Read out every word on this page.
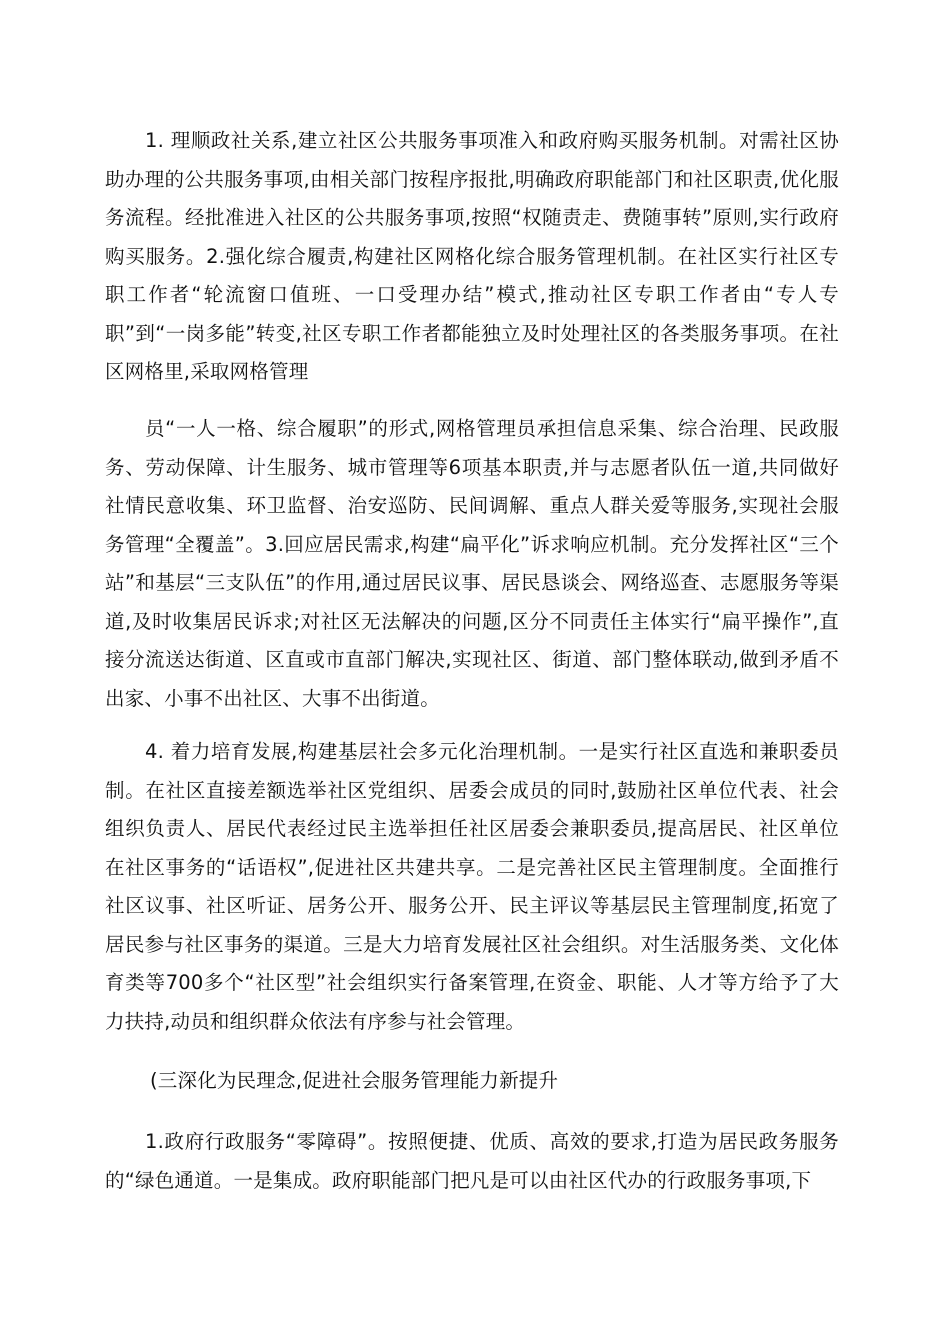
1. 理顺政社关系,建立社区公共服务事项准入和政府购买服务机制。对需社区协助办理的公共服务事项,由相关部门按程序报批,明确政府职能部门和社区职责,优化服务流程。经批准进入社区的公共服务事项,按照“权随责走、费随事转”原则,实行政府购买服务。2.强化综合履责,构建社区网格化综合服务管理机制。在社区实行社区专职工作者“轮流窗口值班、一口受理办结”模式,推动社区专职工作者由“专人专职”到“一岗多能”转变,社区专职工作者都能独立及时处理社区的各类服务事项。在社区网格里,采取网格管理

员“一人一格、综合履职”的形式,网格管理员承担信息采集、综合治理、民政服务、劳动保障、计生服务、城市管理等6项基本职责,并与志愿者队伍一道,共同做好社情民意收集、环卫监督、治安巡防、民间调解、重点人群关爱等服务,实现社会服务管理“全覆盖”。3.回应居民需求,构建“扁平化”诉求响应机制。充分发挥社区“三个站”和基层“三支队伍”的作用,通过居民议事、居民恳谈会、网络巡查、志愿服务等渠道,及时收集居民诉求;对社区无法解决的问题,区分不同责任主体实行“扁平操作”,直接分流送达街道、区直或市直部门解决,实现社区、街道、部门整体联动,做到矛盾不出家、小事不出社区、大事不出街道。

4. 着力培育发展,构建基层社会多元化治理机制。一是实行社区直选和兼职委员制。在社区直接差额选举社区党组织、居委会成员的同时,鼓励社区单位代表、社会组织负责人、居民代表经过民主选举担任社区居委会兼职委员,提高居民、社区单位在社区事务的“话语权”,促进社区共建共享。二是完善社区民主管理制度。全面推行社区议事、社区听证、居务公开、服务公开、民主评议等基层民主管理制度,拓宽了居民参与社区事务的渠道。三是大力培育发展社区社会组织。对生活服务类、文化体育类等700多个“社区型”社会组织实行备案管理,在资金、职能、人才等方给予了大力扶持,动员和组织群众依法有序参与社会管理。

(三深化为民理念,促进社会服务管理能力新提升

1.政府行政服务“零障碍”。按照便捷、优质、高效的要求,打造为居民政务服务的“绿色通道。一是集成。政府职能部门把凡是可以由社区代办的行政服务事项,下
